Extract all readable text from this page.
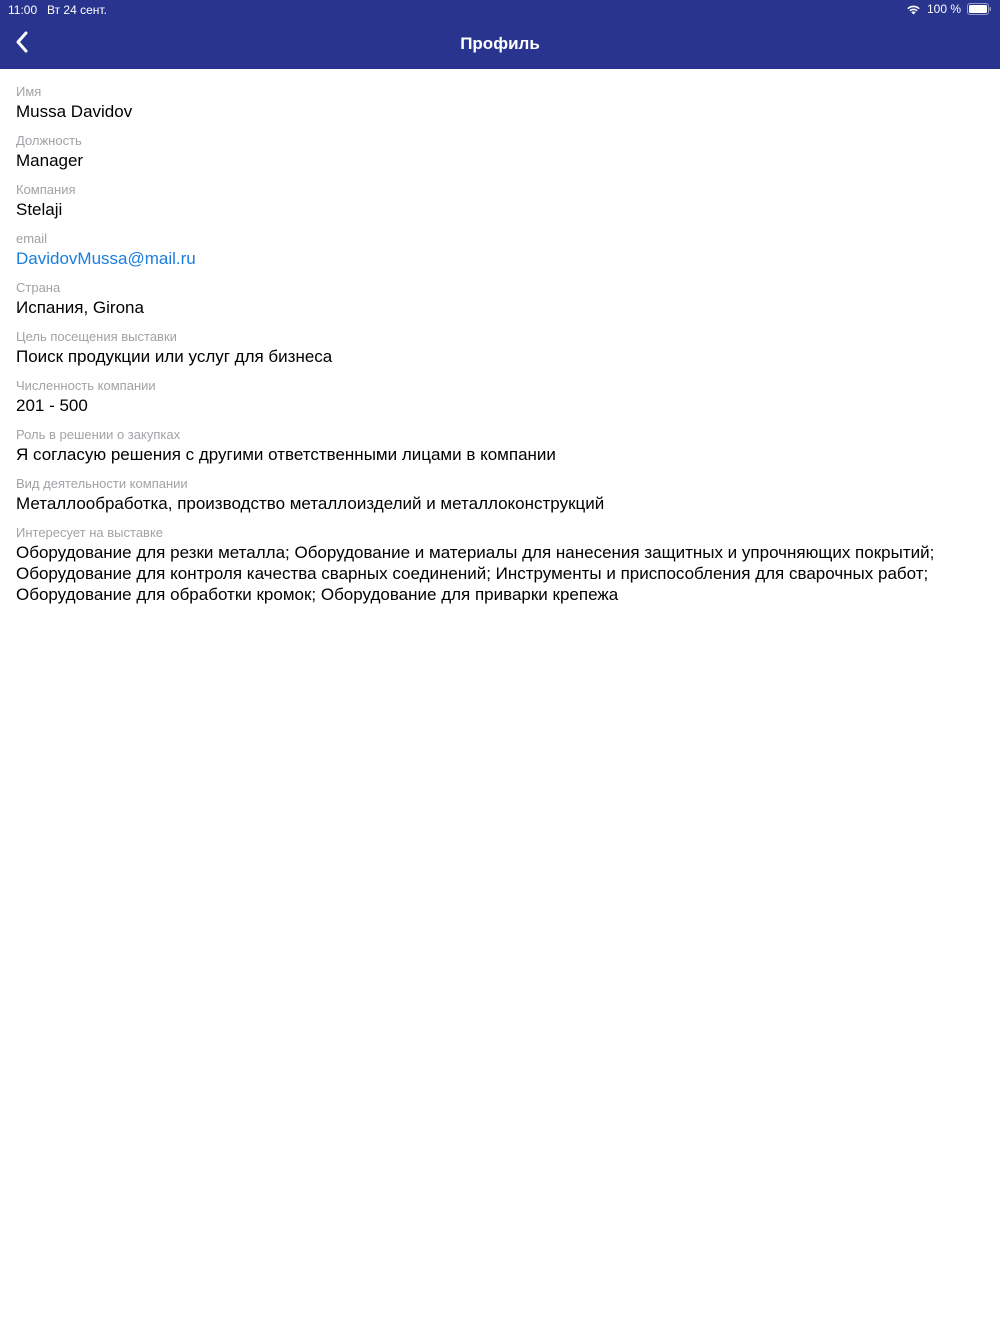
11:00 Вт 24 сент.	100 %
Профиль
Имя
Mussa Davidov
Должность
Manager
Компания
Stelaji
email
DavidovMussa@mail.ru
Страна
Испания, Girona
Цель посещения выставки
Поиск продукции или услуг для бизнеса
Численность компании
201 - 500
Роль в решении о закупках
Я согласую решения с другими ответственными лицами в компании
Вид деятельности компании
Металлообработка, производство металлоизделий и металлоконструкций
Интересует на выставке
Оборудование для резки металла; Оборудование и материалы для нанесения защитных и упрочняющих покрытий; Оборудование для контроля качества сварных соединений; Инструменты и приспособления для сварочных работ; Оборудование для обработки кромок; Оборудование для приварки крепежа
